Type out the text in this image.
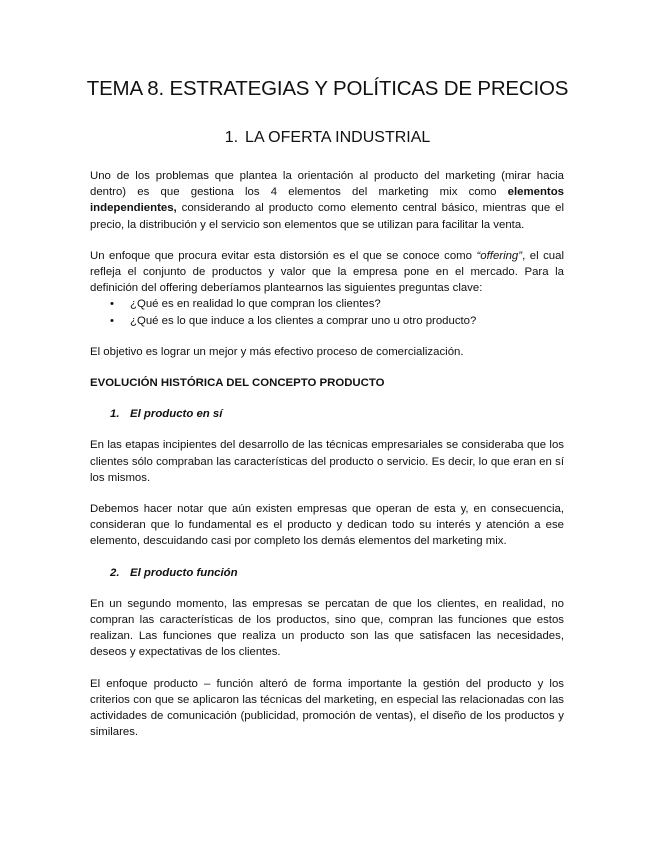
TEMA 8. ESTRATEGIAS Y POLÍTICAS DE PRECIOS
1. LA OFERTA INDUSTRIAL

Uno de los problemas que plantea la orientación al producto del marketing (mirar hacia dentro) es que gestiona los 4 elementos del marketing mix como elementos independientes, considerando al producto como elemento central básico, mientras que el precio, la distribución y el servicio son elementos que se utilizan para facilitar la venta.

Un enfoque que procura evitar esta distorsión es el que se conoce como “offering”, el cual refleja el conjunto de productos y valor que la empresa pone en el mercado. Para la definición del offering deberíamos plantearnos las siguientes preguntas clave:

• ¿Qué es en realidad lo que compran los clientes?
• ¿Qué es lo que induce a los clientes a comprar uno u otro producto?

El objetivo es lograr un mejor y más efectivo proceso de comercialización.

EVOLUCIÓN HISTÓRICA DEL CONCEPTO PRODUCTO
1. El producto en sí

En las etapas incipientes del desarrollo de las técnicas empresariales se consideraba que los clientes sólo compraban las características del producto o servicio. Es decir, lo que eran en sí los mismos.

Debemos hacer notar que aún existen empresas que operan de esta y, en consecuencia, consideran que lo fundamental es el producto y dedican todo su interés y atención a ese elemento, descuidando casi por completo los demás elementos del marketing mix.

2. El producto función

En un segundo momento, las empresas se percatan de que los clientes, en realidad, no compran las características de los productos, sino que, compran las funciones que estos realizan. Las funciones que realiza un producto son las que satisfacen las necesidades, deseos y expectativas de los clientes.

El enfoque producto – función alteró de forma importante la gestión del producto y los criterios con que se aplicaron las técnicas del marketing, en especial las relacionadas con las actividades de comunicación (publicidad, promoción de ventas), el diseño de los productos y similares.
